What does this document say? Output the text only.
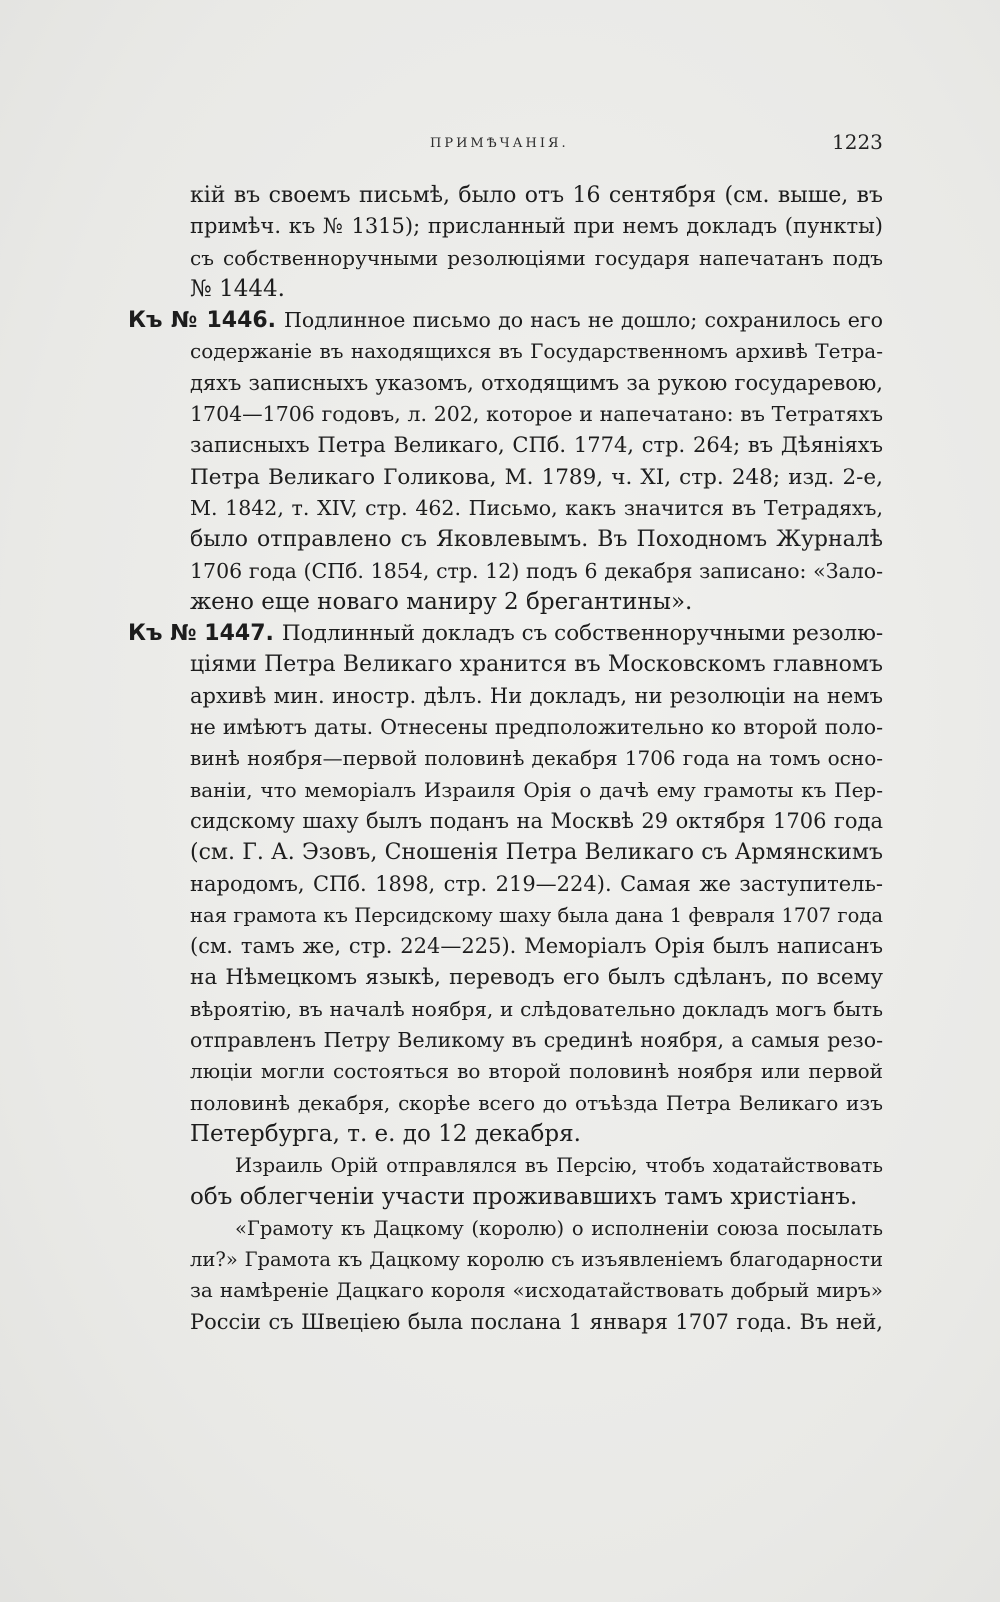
ПРИМѢЧАНІЯ.	1223
кій въ своемъ письмѣ, было отъ 16 сентября (см. выше, въ
примѣч. къ № 1315); присланный при немъ докладъ (пункты)
съ собственноручными резолюціями государя напечатанъ подъ
№ 1444.
Къ № 1446. Подлинное письмо до насъ не дошло; сохранилось его
содержаніе въ находящихся въ Государственномъ архивѣ Тетра-
дяхъ записныхъ указомъ, отходящимъ за рукою государевою,
1704—1706 годовъ, л. 202, которое и напечатано: въ Тетратяхъ
записныхъ Петра Великаго, СПб. 1774, стр. 264; въ Дѣяніяхъ
Петра Великаго Голикова, М. 1789, ч. XI, стр. 248; изд. 2-е,
М. 1842, т. XIV, стр. 462. Письмо, какъ значится въ Тетрадяхъ,
было отправлено съ Яковлевымъ. Въ Походномъ Журналѣ
1706 года (СПб. 1854, стр. 12) подъ 6 декабря записано: «Зало-
жено еще новаго маниру 2 брегантины».
Къ № 1447. Подлинный докладъ съ собственноручными резолю-
ціями Петра Великаго хранится въ Московскомъ главномъ
архивѣ мин. иностр. дѣлъ. Ни докладъ, ни резолюціи на немъ
не имѣютъ даты. Отнесены предположительно ко второй поло-
винѣ ноября—первой половинѣ декабря 1706 года на томъ осно-
ваніи, что меморіалъ Израиля Орія о дачѣ ему грамоты къ Пер-
сидскому шаху былъ поданъ на Москвѣ 29 октября 1706 года
(см. Г. А. Эзовъ, Сношенія Петра Великаго съ Армянскимъ
народомъ, СПб. 1898, стр. 219—224). Самая же заступитель-
ная грамота къ Персидскому шаху была дана 1 февраля 1707 года
(см. тамъ же, стр. 224—225). Меморіалъ Орія былъ написанъ
на Нѣмецкомъ языкѣ, переводъ его былъ сдѣланъ, по всему
вѣроятію, въ началѣ ноября, и слѣдовательно докладъ могъ быть
отправленъ Петру Великому въ срединѣ ноября, а самыя резо-
люціи могли состояться во второй половинѣ ноября или первой
половинѣ декабря, скорѣе всего до отъѣзда Петра Великаго изъ
Петербурга, т. е. до 12 декабря.
Израиль Орій отправлялся въ Персію, чтобъ ходатайствовать
объ облегченіи участи проживавшихъ тамъ христіанъ.
«Грамоту къ Дацкому (королю) о исполненіи союза посылать
ли?» Грамота къ Дацкому королю съ изъявленіемъ благодарности
за намѣреніе Дацкаго короля «исходатайствовать добрый миръ»
Россіи съ Швеціею была послана 1 января 1707 года. Въ ней,
